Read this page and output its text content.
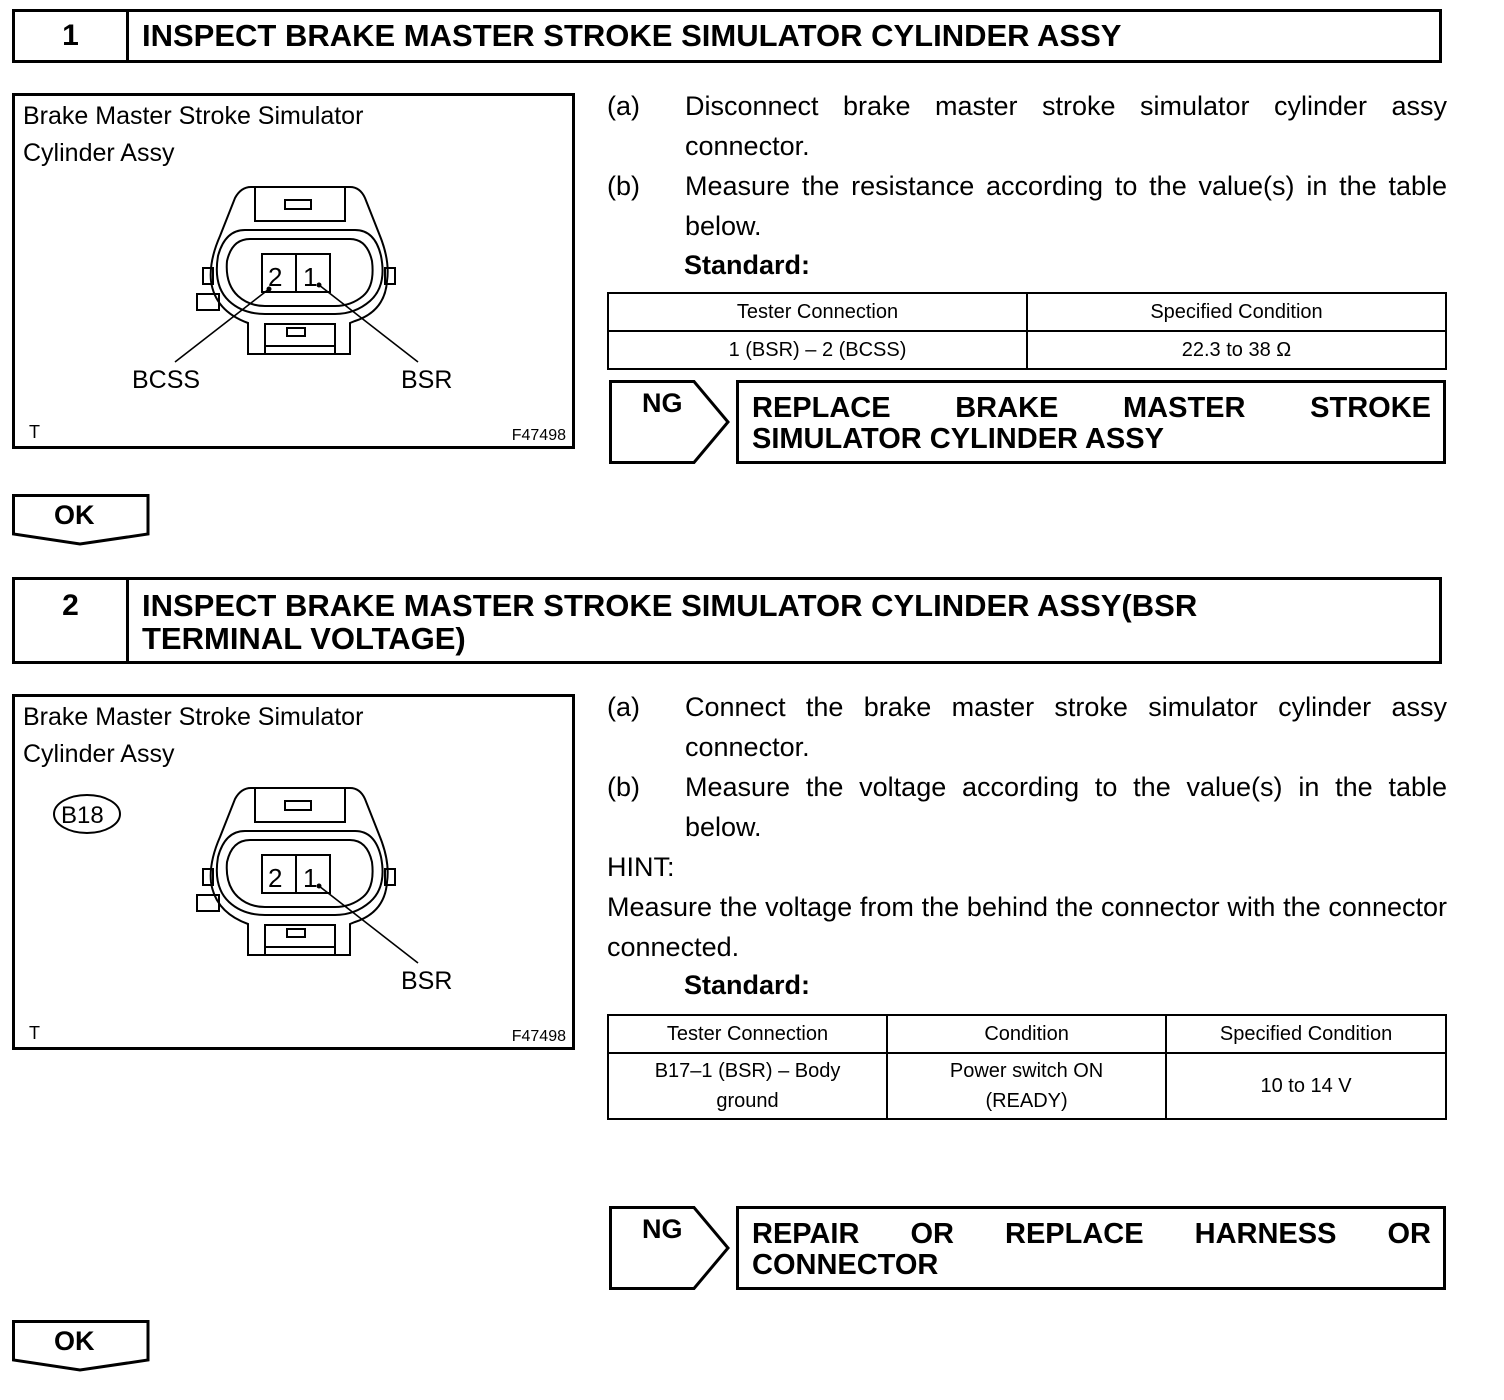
1	INSPECT BRAKE MASTER STROKE SIMULATOR CYLINDER ASSY
Brake Master Stroke Simulator
Cylinder Assy
2 1
BCSS	BSR
T	F47498
(a) Disconnect brake master stroke simulator cylinder assy connector.
(b) Measure the resistance according to the value(s) in the table below.
Standard:
Tester Connection	Specified Condition
1 (BSR) – 2 (BCSS)	22.3 to 38 Ω
NG REPLACE BRAKE MASTER STROKE
SIMULATOR CYLINDER ASSY
OK
2	INSPECT BRAKE MASTER STROKE SIMULATOR CYLINDER ASSY(BSR
TERMINAL VOLTAGE)
Brake Master Stroke Simulator
Cylinder Assy
B18
2 1
BSR
T	F47498
(a) Connect the brake master stroke simulator cylinder assy connector.
(b) Measure the voltage according to the value(s) in the table below.
HINT:
Measure the voltage from the behind the connector with the connector connected.
Standard:
Tester Connection	Condition	Specified Condition
B17–1 (BSR) – Body ground	Power switch ON (READY)	10 to 14 V
NG REPAIR OR REPLACE HARNESS OR
CONNECTOR
OK
